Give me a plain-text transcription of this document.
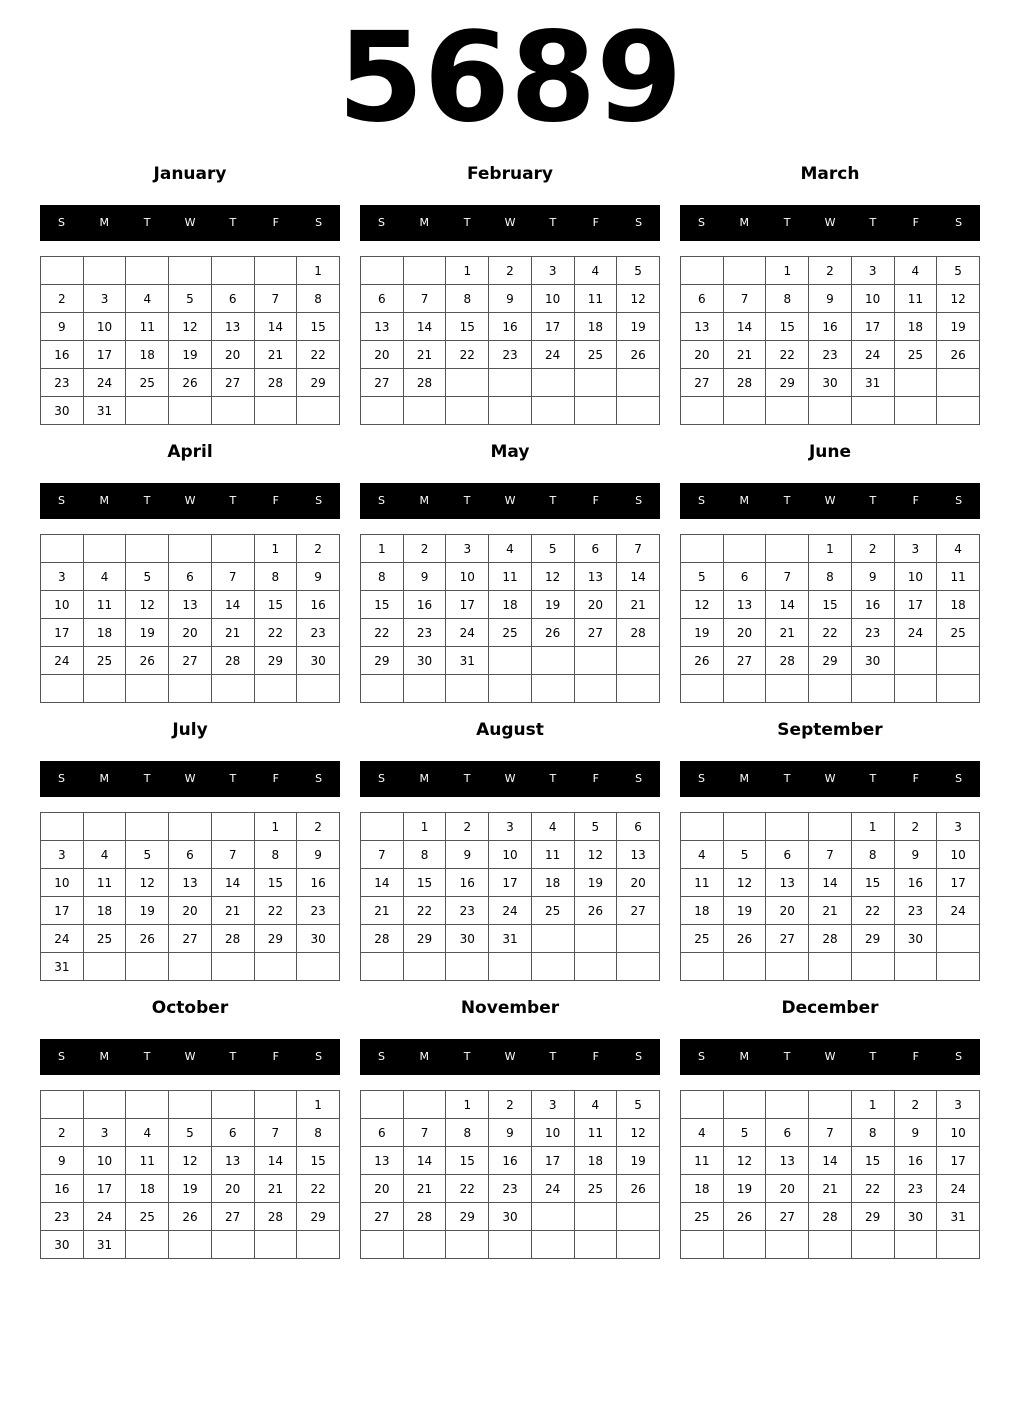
5689
January
S	M	T	W	T	F	S
						1
2	3	4	5	6	7	8
9	10	11	12	13	14	15
16	17	18	19	20	21	22
23	24	25	26	27	28	29
30	31					
February
S	M	T	W	T	F	S
		1	2	3	4	5
6	7	8	9	10	11	12
13	14	15	16	17	18	19
20	21	22	23	24	25	26
27	28					

March
S	M	T	W	T	F	S
		1	2	3	4	5
6	7	8	9	10	11	12
13	14	15	16	17	18	19
20	21	22	23	24	25	26
27	28	29	30	31		

April
S	M	T	W	T	F	S
					1	2
3	4	5	6	7	8	9
10	11	12	13	14	15	16
17	18	19	20	21	22	23
24	25	26	27	28	29	30

May
S	M	T	W	T	F	S
1	2	3	4	5	6	7
8	9	10	11	12	13	14
15	16	17	18	19	20	21
22	23	24	25	26	27	28
29	30	31				

June
S	M	T	W	T	F	S
			1	2	3	4
5	6	7	8	9	10	11
12	13	14	15	16	17	18
19	20	21	22	23	24	25
26	27	28	29	30		

July
S	M	T	W	T	F	S
					1	2
3	4	5	6	7	8	9
10	11	12	13	14	15	16
17	18	19	20	21	22	23
24	25	26	27	28	29	30
31						
August
S	M	T	W	T	F	S
	1	2	3	4	5	6
7	8	9	10	11	12	13
14	15	16	17	18	19	20
21	22	23	24	25	26	27
28	29	30	31			

September
S	M	T	W	T	F	S
				1	2	3
4	5	6	7	8	9	10
11	12	13	14	15	16	17
18	19	20	21	22	23	24
25	26	27	28	29	30	

October
S	M	T	W	T	F	S
						1
2	3	4	5	6	7	8
9	10	11	12	13	14	15
16	17	18	19	20	21	22
23	24	25	26	27	28	29
30	31					
November
S	M	T	W	T	F	S
		1	2	3	4	5
6	7	8	9	10	11	12
13	14	15	16	17	18	19
20	21	22	23	24	25	26
27	28	29	30			

December
S	M	T	W	T	F	S
				1	2	3
4	5	6	7	8	9	10
11	12	13	14	15	16	17
18	19	20	21	22	23	24
25	26	27	28	29	30	31
